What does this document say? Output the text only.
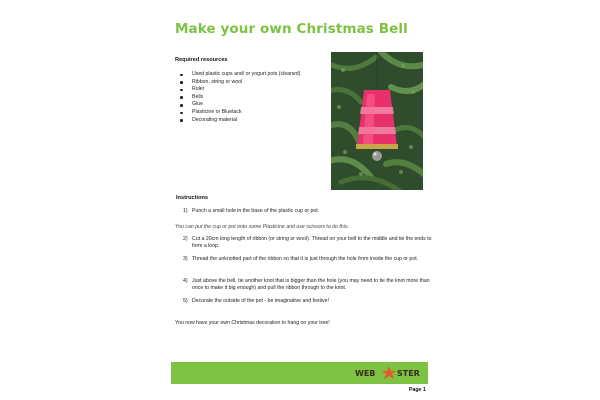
Make your own Christmas Bell
Required resources
Used plastic cups and/ or yogurt pots (cleaned)
Ribbon, string or wool
Ruler
Bells
Glue
Plasticine or Bluetack
Decorating material
Instructions
1) Punch a small hole in the base of the plastic cup or pot.
You can put the cup or pot onto some Plasticine and use scissors to do this.
2) Cut a 20cm long length of ribbon (or string or wool). Thread on your bell to the middle and tie the ends to form a loop.
3) Thread the unknotted part of the ribbon so that it is just through the hole from inside the cup or pot.
4) Just above the bell, tie another knot that is bigger than the hole (you may need to tie the knot more than once to make it big enough) and pull the ribbon through to the knot.
5) Decorate the outside of the pot - be imaginative and festive!
You now have your own Christmas decoration to hang on your tree!
WEB	STER
Page 1
